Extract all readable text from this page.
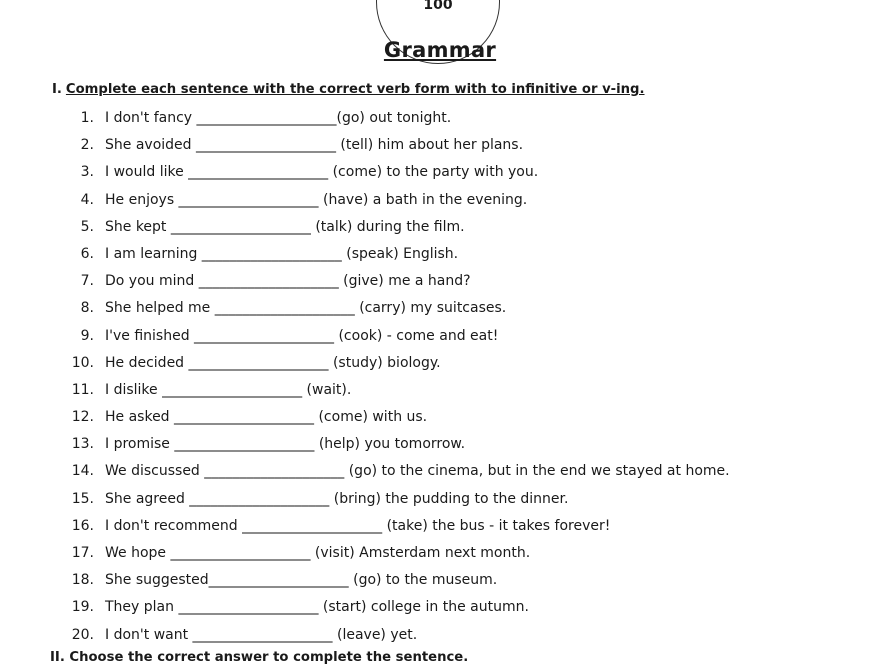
100
Grammar
I. Complete each sentence with the correct verb form with to infinitive or v-ing.
1. I don't fancy ____________________(go) out tonight.
2. She avoided ____________________ (tell) him about her plans.
3. I would like ____________________ (come) to the party with you.
4. He enjoys ____________________ (have) a bath in the evening.
5. She kept ____________________ (talk) during the film.
6. I am learning ____________________ (speak) English.
7. Do you mind ____________________ (give) me a hand?
8. She helped me ____________________ (carry) my suitcases.
9. I've finished ____________________ (cook) - come and eat!
10. He decided ____________________ (study) biology.
11. I dislike ____________________ (wait).
12. He asked ____________________ (come) with us.
13. I promise ____________________ (help) you tomorrow.
14. We discussed ____________________ (go) to the cinema, but in the end we stayed at home.
15. She agreed ____________________ (bring) the pudding to the dinner.
16. I don't recommend ____________________ (take) the bus - it takes forever!
17. We hope ____________________ (visit) Amsterdam next month.
18. She suggested____________________ (go) to the museum.
19. They plan ____________________ (start) college in the autumn.
20. I don't want ____________________ (leave) yet.
II. Choose the correct answer to complete the sentence.
